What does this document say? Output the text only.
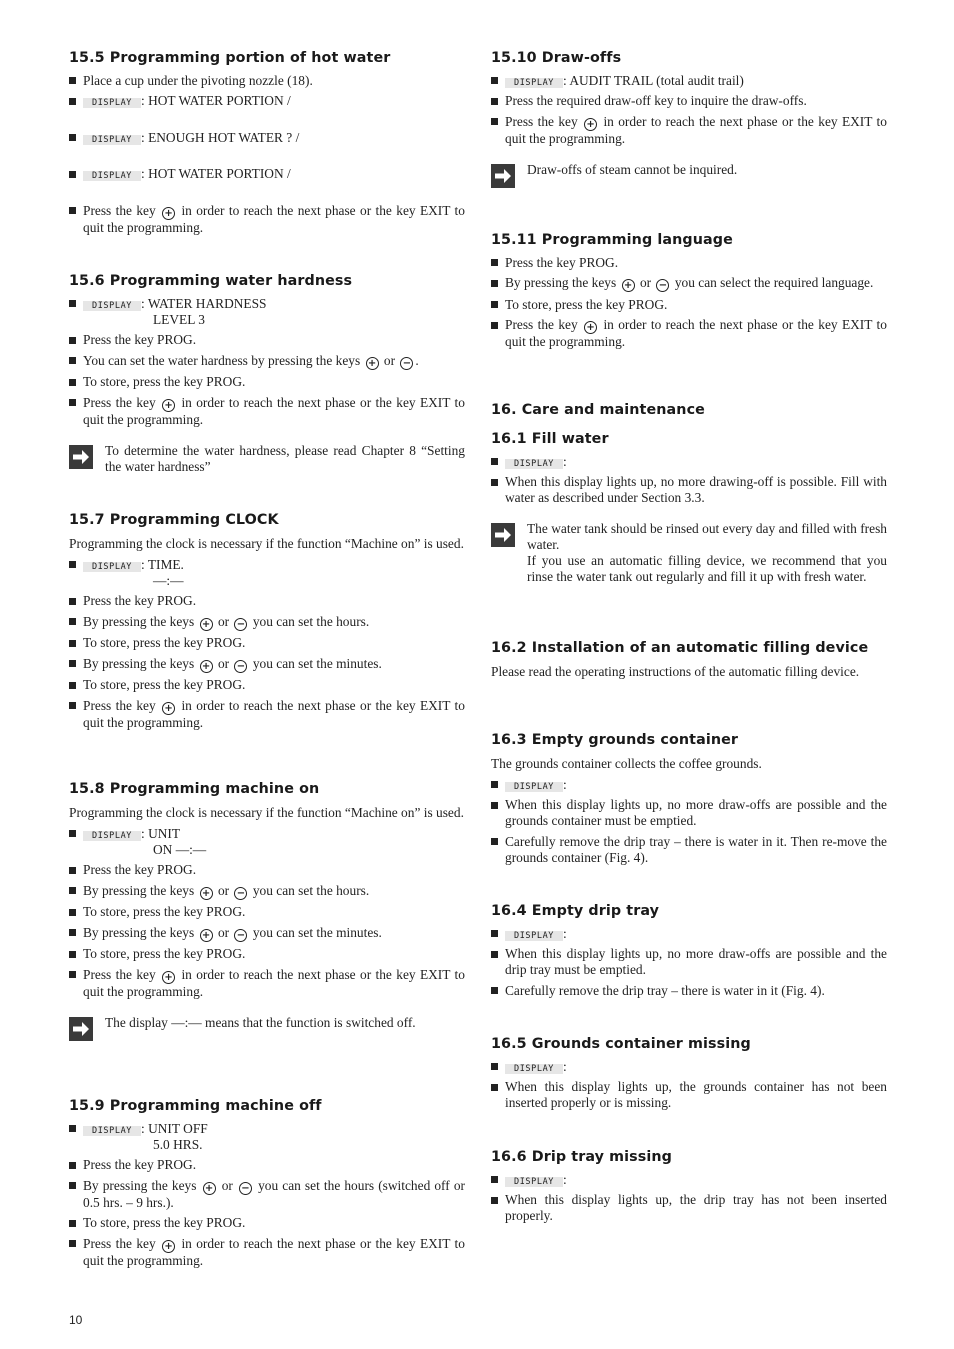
15.5 Programming portion of hot water
Place a cup under the pivoting nozzle (18).
DISPLAY : HOT WATER PORTION /
DISPLAY : ENOUGH HOT WATER ? /
DISPLAY : HOT WATER PORTION /
Press the key + in order to reach the next phase or the key EXIT to quit the programming.
15.6 Programming water hardness
DISPLAY : WATER HARDNESS
LEVEL 3
Press the key PROG.
You can set the water hardness by pressing the keys + or − .
To store, press the key PROG.
Press the key + in order to reach the next phase or the key EXIT to quit the programming.
To determine the water hardness, please read Chapter 8 “Setting the water hardness”
15.7 Programming CLOCK

Programming the clock is necessary if the function “Machine on” is used.

DISPLAY : TIME.
—:—
Press the key PROG.
By pressing the keys + or − you can set the hours.
To store, press the key PROG.
By pressing the keys + or − you can set the minutes.
To store, press the key PROG.
Press the key + in order to reach the next phase or the key EXIT to quit the programming.
15.8 Programming machine on

Programming the clock is necessary if the function “Machine on” is used.

DISPLAY : UNIT
ON —:—
Press the key PROG.
By pressing the keys + or − you can set the hours.
To store, press the key PROG.
By pressing the keys + or − you can set the minutes.
To store, press the key PROG.
Press the key + in order to reach the next phase or the key EXIT to quit the programming.
The display —:— means that the function is switched off.
15.9 Programming machine off
DISPLAY : UNIT OFF
5.0 HRS.
Press the key PROG.
By pressing the keys + or − you can set the hours (switched off or 0.5 hrs. – 9 hrs.).
To store, press the key PROG.
Press the key + in order to reach the next phase or the key EXIT to quit the programming.
15.10 Draw-offs
DISPLAY : AUDIT TRAIL (total audit trail)
Press the required draw-off key to inquire the draw-offs.
Press the key + in order to reach the next phase or the key EXIT to quit the programming.
Draw-offs of steam cannot be inquired.
15.11 Programming language
Press the key PROG.
By pressing the keys + or − you can select the required language.
To store, press the key PROG.
Press the key + in order to reach the next phase or the key EXIT to quit the programming.
16. Care and maintenance
16.1 Fill water
DISPLAY :
When this display lights up, no more drawing-off is possible. Fill with water as described under Section 3.3.
The water tank should be rinsed out every day and filled with fresh water.
If you use an automatic filling device, we recommend that you rinse the water tank out regularly and fill it up with fresh water.
16.2 Installation of an automatic filling device

Please read the operating instructions of the automatic filling device.

16.3 Empty grounds container

The grounds container collects the coffee grounds.

DISPLAY :
When this display lights up, no more draw-offs are possible and the grounds container must be emptied.
Carefully remove the drip tray – there is water in it. Then re-move the grounds container (Fig. 4).
16.4 Empty drip tray
DISPLAY :
When this display lights up, no more draw-offs are possible and the drip tray must be emptied.
Carefully remove the drip tray – there is water in it (Fig. 4).
16.5 Grounds container missing
DISPLAY :
When this display lights up, the grounds container has not been inserted properly or is missing.
16.6 Drip tray missing
DISPLAY :
When this display lights up, the drip tray has not been inserted properly.
10
